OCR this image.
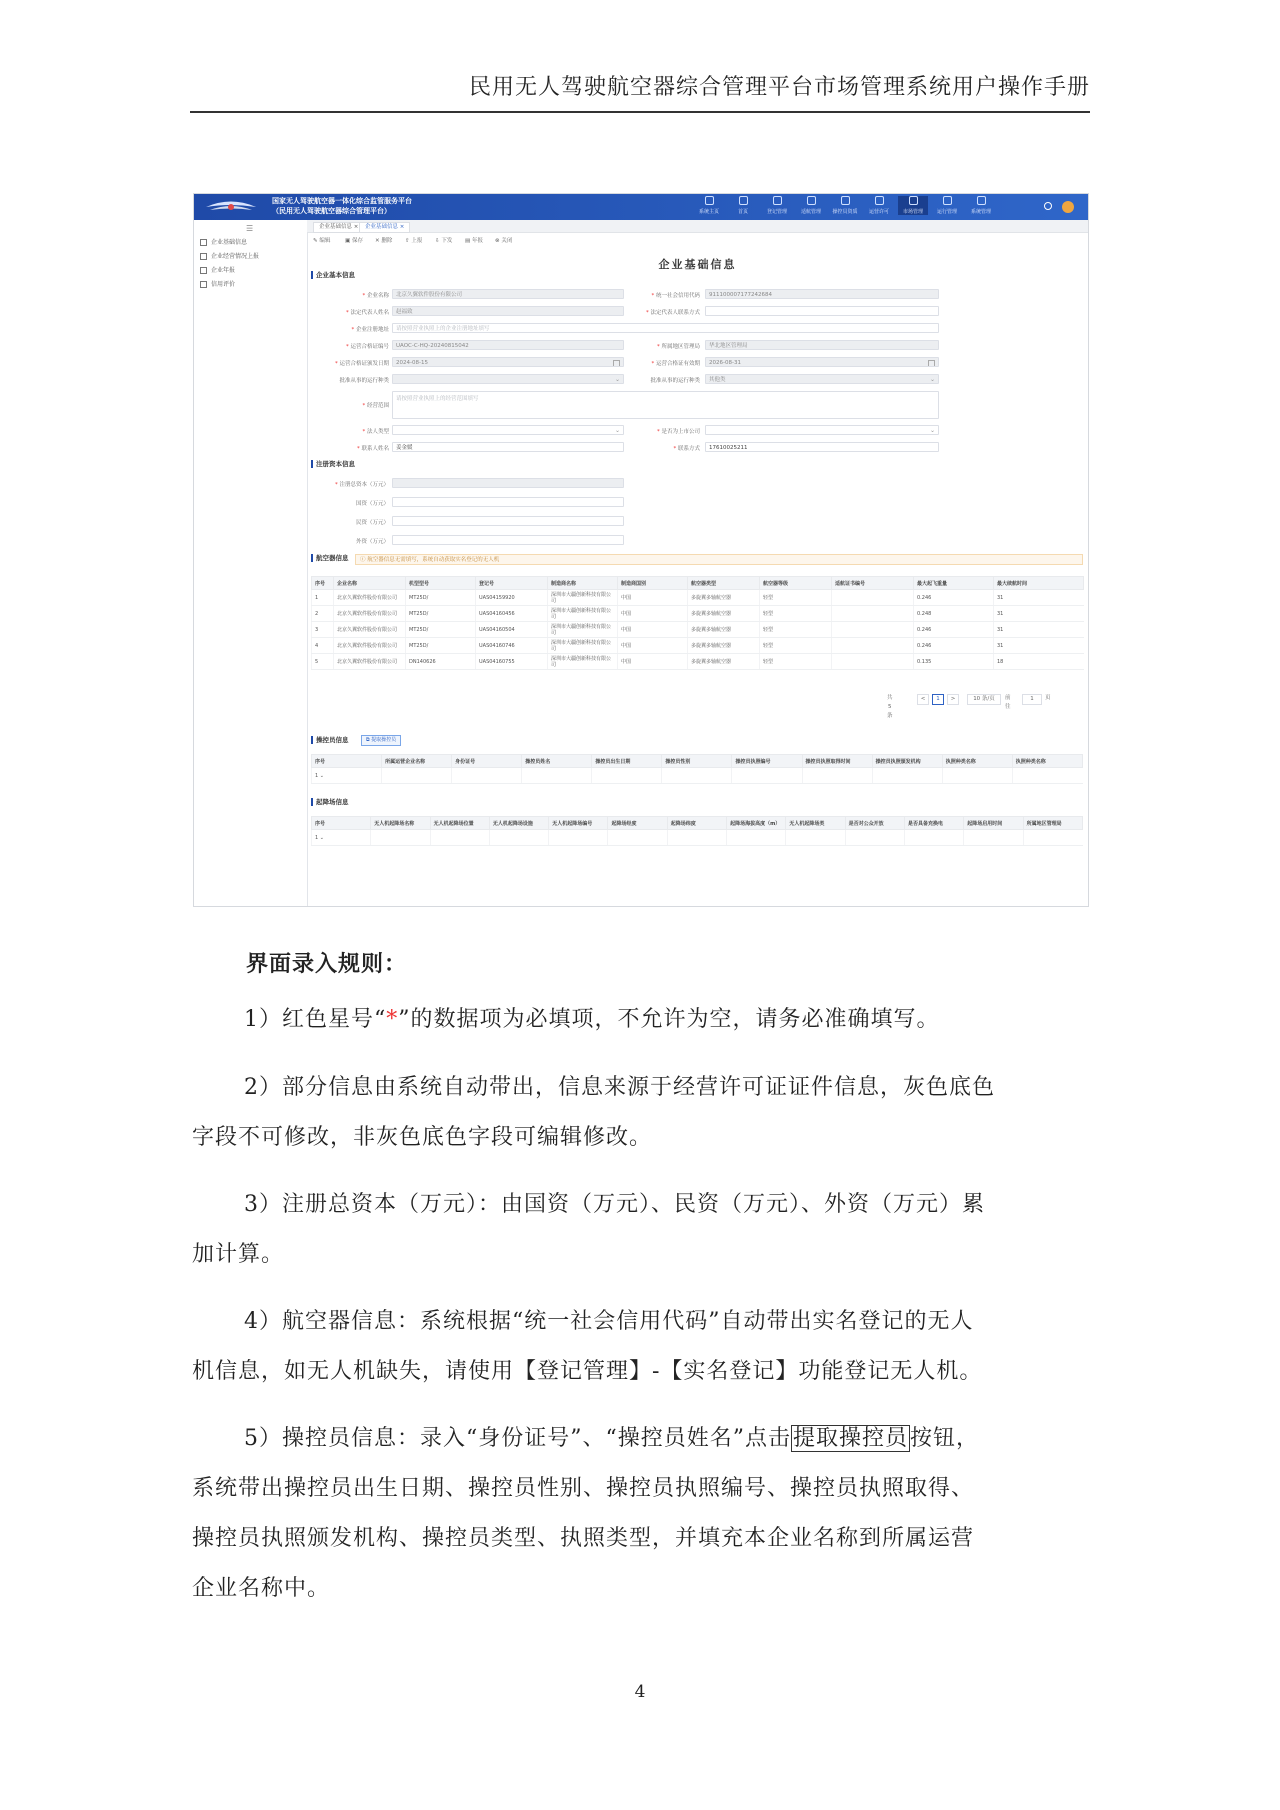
民用无人驾驶航空器综合管理平台市场管理系统用户操作手册
国家无人驾驶航空器一体化综合监管服务平台
（民用无人驾驶航空器综合管理平台）	系统主页	首页	登记管理	适航管理	操控员资质	运营许可	市场管理	运行管理	系统管理
☰
企业基础信息
企业经营情况上报
企业年报
信用评价
企业基础信息 ×	企业基础信息 ×
✎ 编辑	▣ 保存 ✕ 删除 ⇧ 上报 ⇩ 下发 ▤ 年报 ⊗ 关闭
企业基础信息
企业基本信息
* 企业名称	北京久翼软件股份有限公司	* 统一社会信用代码	911100007177242684
* 法定代表人姓名	赵福致	* 法定代表人联系方式
* 企业注册地址	请按照营业执照上的企业注册地址填写
* 运营合格证编号	UAOC-C-HQ-20240815042	* 所属地区管理局	华北地区管理局
* 运营合格证颁发日期	2024-08-15	* 运营合格证有效期	2026-08-31
批准从事的运行种类	⌄	批准从事的运行种类	其他类	⌄
* 经营范围
请按照营业执照上的经营范围填写
* 法人类型	⌄	* 是否为上市公司	⌄
* 联系人姓名	姜金媛	* 联系方式	17610025211
注册资本信息
* 注册总资本（万元）
国资（万元）
民资（万元）
外资（万元）
航空器信息	ⓘ 航空器信息无需填写，系统自动获取实名登记的无人机
序号	企业名称	机型型号	登记号	制造商名称	制造商国别	航空器类型	航空器等级	适航证书编号	最大起飞重量	最大续航时间
1	北京久翼软件股份有限公司	MT25D/	UAS04159920	深圳市大疆创新科技有限公司	中国	多旋翼多轴航空器	轻型		0.246	31
2	北京久翼软件股份有限公司	MT25D/	UAS04160456	深圳市大疆创新科技有限公司	中国	多旋翼多轴航空器	轻型		0.248	31
3	北京久翼软件股份有限公司	MT25D/	UAS04160504	深圳市大疆创新科技有限公司	中国	多旋翼多轴航空器	轻型		0.246	31
4	北京久翼软件股份有限公司	MT25D/	UAS04160746	深圳市大疆创新科技有限公司	中国	多旋翼多轴航空器	轻型		0.246	31
5	北京久翼软件股份有限公司	DN140626	UAS04160755	深圳市大疆创新科技有限公司	中国	多旋翼多轴航空器	轻型		0.135	18
共 5 条
<	1	>	10 条/页	前往
1	页
操控员信息	⧉ 提取操控员
序号	所属运营企业名称	身份证号	操控员姓名	操控员出生日期	操控员性别	操控员执照编号	操控员执照取得时间	操控员执照颁发机构	执照种类名称	执照种类名称
1 ⌄										
起降场信息
序号	无人机起降场名称	无人机起降场位置	无人机起降场设施	无人机起降场编号	起降场经度	起降场纬度	起降场海拔高度（m）	无人机起降场类	是否对公众开放	是否具备充换电	起降场启用时间	所属地区管理局
1 ⌄												
界面录入规则：
1）红色星号“*”的数据项为必填项，不允许为空，请务必准确填写。
2）部分信息由系统自动带出，信息来源于经营许可证证件信息，灰色底色
字段不可修改，非灰色底色字段可编辑修改。
3）注册总资本（万元）：由国资（万元）、民资（万元）、外资（万元）累
加计算。
4）航空器信息：系统根据“统一社会信用代码”自动带出实名登记的无人
机信息，如无人机缺失，请使用【登记管理】-【实名登记】功能登记无人机。
5）操控员信息：录入“身份证号”、“操控员姓名”点击提取操控员按钮，
系统带出操控员出生日期、操控员性别、操控员执照编号、操控员执照取得、
操控员执照颁发机构、操控员类型、执照类型，并填充本企业名称到所属运营
企业名称中。
4
